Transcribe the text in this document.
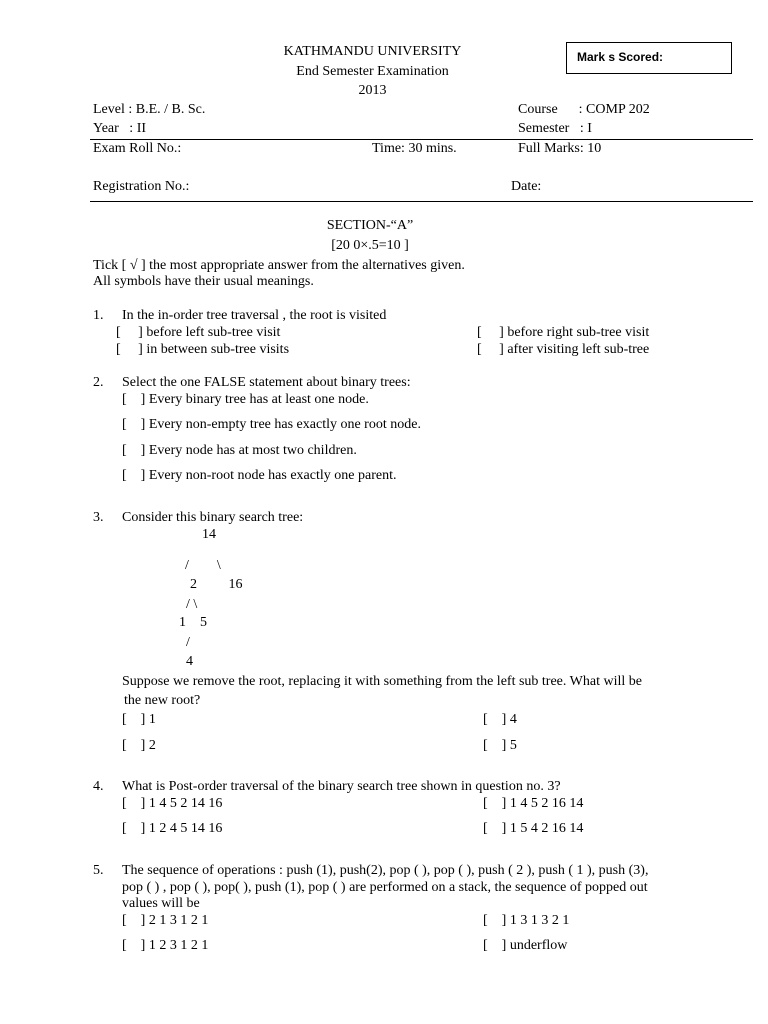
KATHMANDU UNIVERSITY
End Semester Examination
2013
Mark s Scored:
Level : B.E. / B. Sc.	Course      : COMP 202
Year   : II	Semester   : I
Exam Roll No.:	Time: 30 mins.	Full Marks: 10
Registration No.:	Date:
SECTION-“A”
[20 0×.5=10 ]
Tick [ √ ] the most appropriate answer from the alternatives given.
All symbols have their usual meanings.
1. In the in-order tree traversal , the root is visited
[     ] before left sub-tree visit	[     ] before right sub-tree visit
[     ] in between sub-tree visits	[     ] after visiting left sub-tree
2. Select the one FALSE statement about binary trees:
[    ] Every binary tree has at least one node.
[    ] Every non-empty tree has exactly one root node.
[    ] Every node has at most two children.
[    ] Every non-root node has exactly one parent.
3. Consider this binary search tree:
14
/        \
2         16
/ \
1    5
/
4
Suppose we remove the root, replacing it with something from the left sub tree. What will be
the new root?
[    ] 1	[    ] 4
[    ] 2	[    ] 5
4. What is Post-order traversal of the binary search tree shown in question no. 3?
[    ] 1 4 5 2 14 16	[    ] 1 4 5 2 16 14
[    ] 1 2 4 5 14 16	[    ] 1 5 4 2 16 14
5. The sequence of operations : push (1), push(2), pop ( ), pop ( ), push ( 2 ), push ( 1 ), push (3),
pop ( ) , pop ( ), pop( ), push (1), pop ( ) are performed on a stack, the sequence of popped out
values will be
[    ] 2 1 3 1 2 1	[    ] 1 3 1 3 2 1
[    ] 1 2 3 1 2 1	[    ] underflow
